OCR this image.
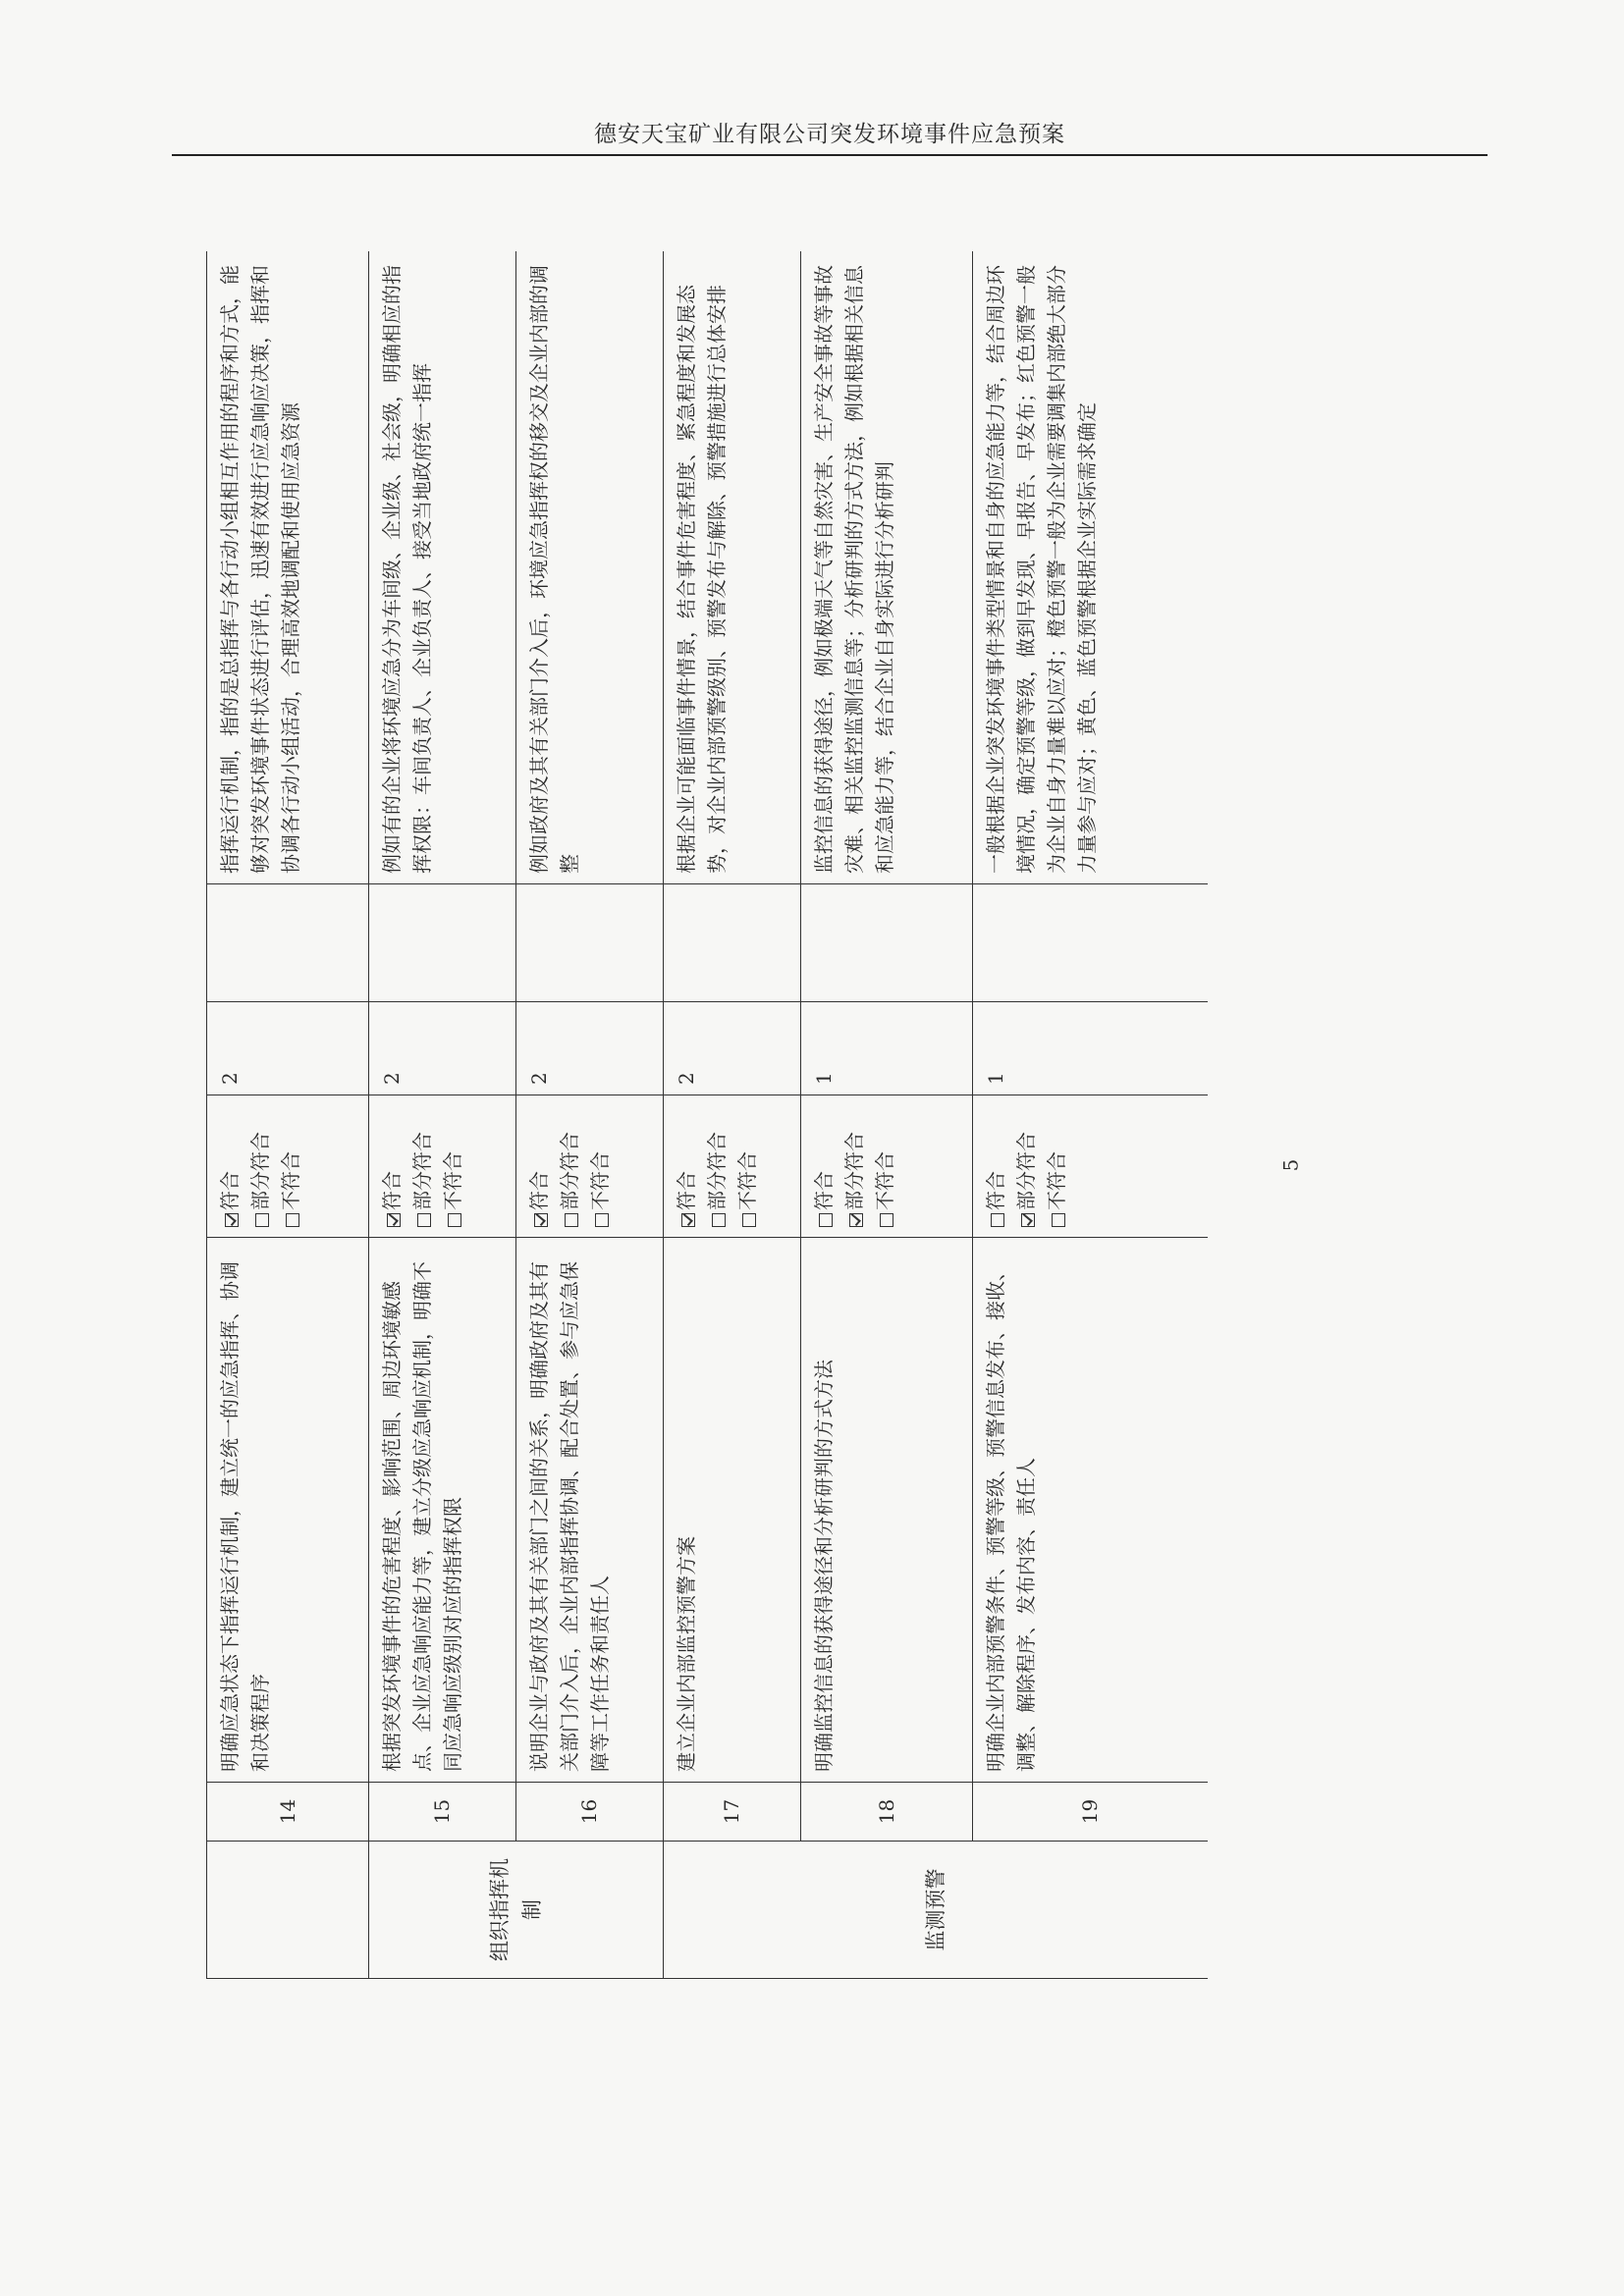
德安天宝矿业有限公司突发环境事件应急预案
	14	明确应急状态下指挥运行机制，建立统一的应急指挥、协调和决策程序	符合 部分符合 不符合	2		指挥运行机制，指的是总指挥与各行动小组相互作用的程序和方式，能够对突发环境事件状态进行评估，迅速有效进行应急响应决策，指挥和协调各行动小组活动，合理高效地调配和使用应急资源
组织指挥机制	15	根据突发环境事件的危害程度、影响范围、周边环境敏感点、企业应急响应能力等，建立分级应急响应机制，明确不同应急响应级别对应的指挥权限	符合 部分符合 不符合	2		例如有的企业将环境应急分为车间级、企业级、社会级，明确相应的指挥权限：车间负责人、企业负责人、接受当地政府统一指挥
	16	说明企业与政府及其有关部门之间的关系，明确政府及其有关部门介入后，企业内部指挥协调、配合处置、参与应急保障等工作任务和责任人	符合 部分符合 不符合	2		例如政府及其有关部门介入后，环境应急指挥权的移交及企业内部的调整
监测预警	17	建立企业内部监控预警方案	符合 部分符合 不符合	2		根据企业可能面临事件情景，结合事件危害程度、紧急程度和发展态势，对企业内部预警级别、预警发布与解除、预警措施进行总体安排
	18	明确监控信息的获得途径和分析研判的方式方法	符合 部分符合 不符合	1		监控信息的获得途径，例如极端天气等自然灾害、生产安全事故等事故灾难、相关监控监测信息等；分析研判的方式方法，例如根据相关信息和应急能力等，结合企业自身实际进行分析研判
	19	明确企业内部预警条件、预警等级、预警信息发布、接收、调整、解除程序、发布内容、责任人	符合 部分符合 不符合	1		一般根据企业突发环境事件类型情景和自身的应急能力等，结合周边环境情况，确定预警等级，做到早发现、早报告、早发布；红色预警一般为企业自身力量难以应对；橙色预警一般为企业需要调集内部绝大部分力量参与应对；黄色、蓝色预警根据企业实际需求确定
5
